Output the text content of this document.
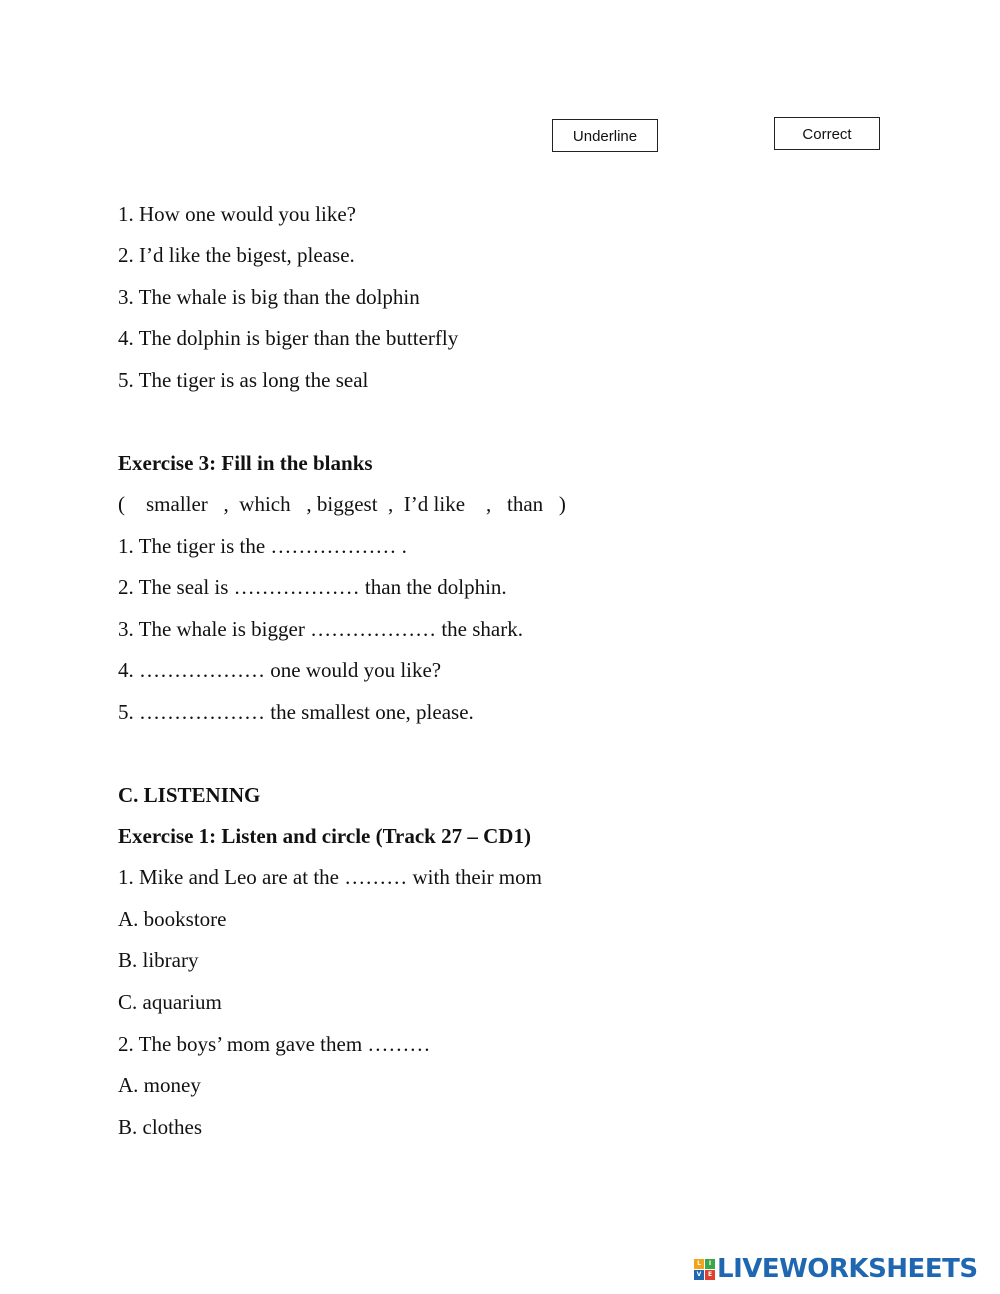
Underline	Correct
1. How one would you like?
2. I’d like the bigest, please.
3. The whale is big than the dolphin
4. The dolphin is biger than the butterfly
5. The tiger is as long the seal
Exercise 3: Fill in the blanks
(    smaller   ,  which   , biggest  ,  I’d like    ,   than   )
1. The tiger is the ……………… .
2. The seal is ……………… than the dolphin.
3. The whale is bigger ……………… the shark.
4. ……………… one would you like?
5. ……………… the smallest one, please.
C. LISTENING
Exercise 1: Listen and circle (Track 27 – CD1)
1. Mike and Leo are at the ……… with their mom
A. bookstore
B. library
C. aquarium
2. The boys’ mom gave them ………
A. money
B. clothes
L	I
V	E LIVEWORKSHEETS
